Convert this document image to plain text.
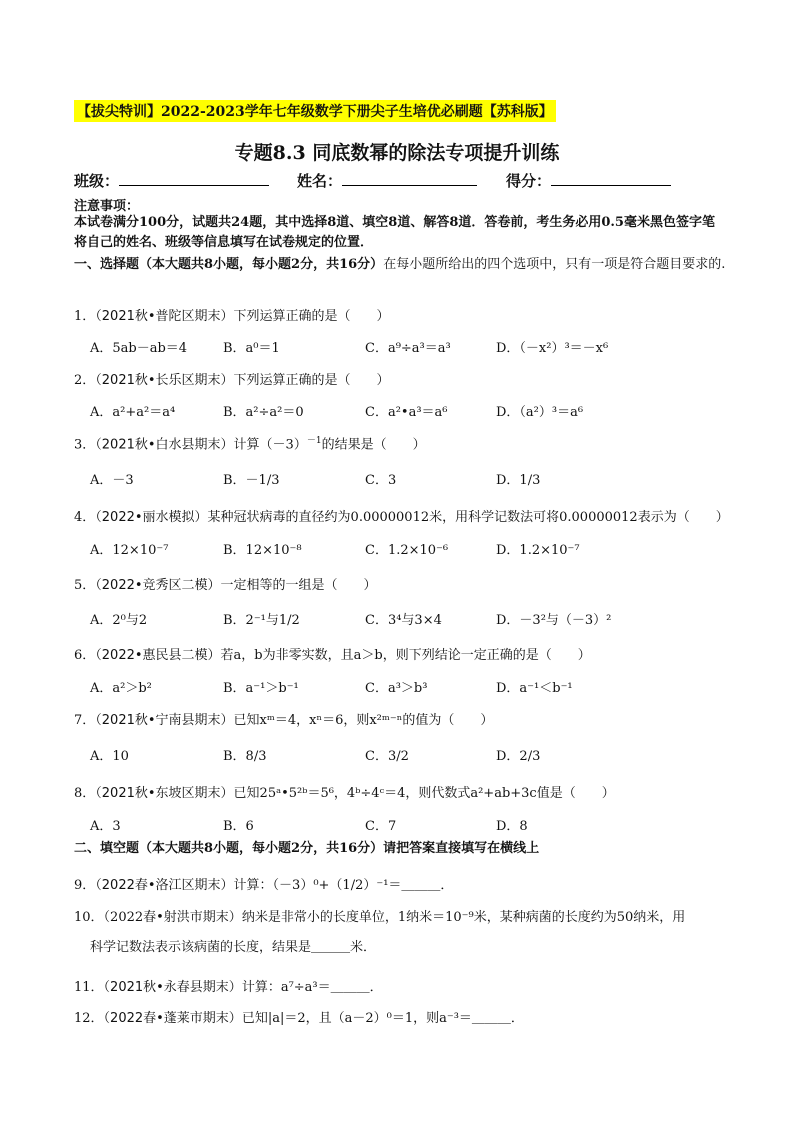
【拔尖特训】2022-2023学年七年级数学下册尖子生培优必刷题【苏科版】
专题8.3 同底数幂的除法专项提升训练
班级：	姓名：	得分：
注意事项：
本试卷满分100分，试题共24题，其中选择8道、填空8道、解答8道．答卷前，考生务必用0.5毫米黑色签字笔将自己的姓名、班级等信息填写在试卷规定的位置．
一、选择题（本大题共8小题，每小题2分，共16分）在每小题所给出的四个选项中，只有一项是符合题目要求的.
1．（2021秋•普陀区期末）下列运算正确的是（　　）
A．5ab－ab＝4	B．a⁰＝1	C．a⁹÷a³＝a³	D．（－x²）³＝－x⁶
2．（2021秋•长乐区期末）下列运算正确的是（　　）
A．a²+a²＝a⁴	B．a²÷a²＝0	C．a²•a³＝a⁶	D．（a²）³＝a⁶
3．（2021秋•白水县期末）计算$(-3)^{-1}$的结果是（　　）
A．－3	B．－1/3	C．3	D．1/3
4．（2022•丽水模拟）某种冠状病毒的直径约为0.00000012米，用科学记数法可将0.00000012表示为（　　）
A．12×10⁻⁷	B．12×10⁻⁸	C．1.2×10⁻⁶	D．1.2×10⁻⁷
5．（2022•竞秀区二模）一定相等的一组是（　　）
A．2⁰与2	B．2⁻¹与1/2	C．3⁴与3×4	D．－3²与（－3）²
6．（2022•惠民县二模）若a，b为非零实数，且a＞b，则下列结论一定正确的是（　　）
A．a²＞b²	B．a⁻¹＞b⁻¹	C．a³＞b³	D．a⁻¹＜b⁻¹
7．（2021秋•宁南县期末）已知xᵐ＝4，xⁿ＝6，则x²ᵐ⁻ⁿ的值为（　　）
A．10	B．8/3	C．3/2	D．2/3
8．（2021秋•东坡区期末）已知25ᵃ•5²ᵇ＝5⁶，4ᵇ÷4ᶜ＝4，则代数式a²+ab+3c值是（　　）
A．3	B．6	C．7	D．8
二、填空题（本大题共8小题，每小题2分，共16分）请把答案直接填写在横线上
9．（2022春•洛江区期末）计算：（－3）⁰+（1/2）⁻¹＝＿＿＿．
10．（2022春•射洪市期末）纳米是非常小的长度单位，1纳米＝10⁻⁹米，某种病菌的长度约为50纳米，用
科学记数法表示该病菌的长度，结果是＿＿＿米．
11．（2021秋•永春县期末）计算：a⁷÷a³＝＿＿＿．
12．（2022春•蓬莱市期末）已知|a|＝2，且（a－2）⁰＝1，则a⁻³＝＿＿＿．
